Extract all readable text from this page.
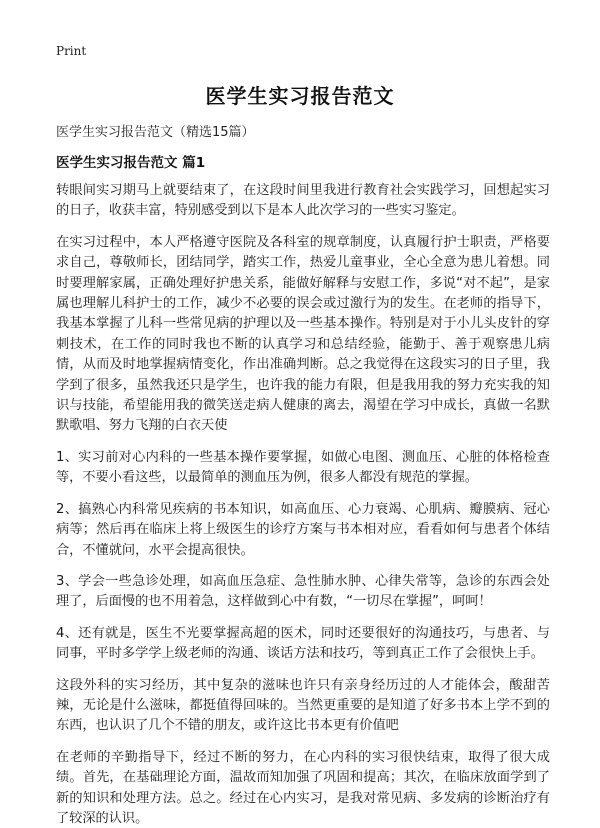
Print
医学生实习报告范文
医学生实习报告范文（精选15篇）
医学生实习报告范文 篇1

转眼间实习期马上就要结束了，在这段时间里我进行教育社会实践学习，回想起实习的日子，收获丰富，特别感受到以下是本人此次学习的一些实习鉴定。

在实习过程中，本人严格遵守医院及各科室的规章制度，认真履行护士职责，严格要求自己，尊敬师长，团结同学，踏实工作，热爱儿童事业，全心全意为患儿着想。同时要理解家属，正确处理好护患关系，能做好解释与安慰工作，多说“对不起”，是家属也理解儿科护士的工作，减少不必要的误会或过激行为的发生。在老师的指导下，我基本掌握了儿科一些常见病的护理以及一些基本操作。特别是对于小儿头皮针的穿刺技术，在工作的同时我也不断的认真学习和总结经验，能勤于、善于观察患儿病情，从而及时地掌握病情变化，作出准确判断。总之我觉得在这段实习的日子里，我学到了很多，虽然我还只是学生，也许我的能力有限，但是我用我的努力充实我的知识与技能，希望能用我的微笑送走病人健康的离去，渴望在学习中成长，真做一名默默歌唱、努力飞翔的白衣天使

1、实习前对心内科的一些基本操作要掌握，如做心电图、测血压、心脏的体格检查等，不要小看这些，以最简单的测血压为例，很多人都没有规范的掌握。

2、搞熟心内科常见疾病的书本知识，如高血压、心力衰竭、心肌病、瓣膜病、冠心病等；然后再在临床上将上级医生的诊疗方案与书本相对应，看看如何与患者个体结合，不懂就问，水平会提高很快。

3、学会一些急诊处理，如高血压急症、急性肺水肿、心律失常等，急诊的东西会处理了，后面慢的也不用着急，这样做到心中有数，“一切尽在掌握”，呵呵！

4、还有就是，医生不光要掌握高超的医术，同时还要很好的沟通技巧，与患者、与同事，平时多学学上级老师的沟通、谈话方法和技巧，等到真正工作了会很快上手。

这段外科的实习经历，其中复杂的滋味也许只有亲身经历过的人才能体会，酸甜苦辣，无论是什么滋味，都挺值得回味的。当然更重要的是知道了好多书本上学不到的东西，也认识了几个不错的朋友，或许这比书本更有价值吧

在老师的辛勤指导下，经过不断的努力，在心内科的实习很快结束，取得了很大成绩。首先，在基础理论方面，温故而知加强了巩固和提高；其次，在临床放面学到了新的知识和处理方法。总之。经过在心内实习，是我对常见病、多发病的诊断治疗有了较深的认识。
